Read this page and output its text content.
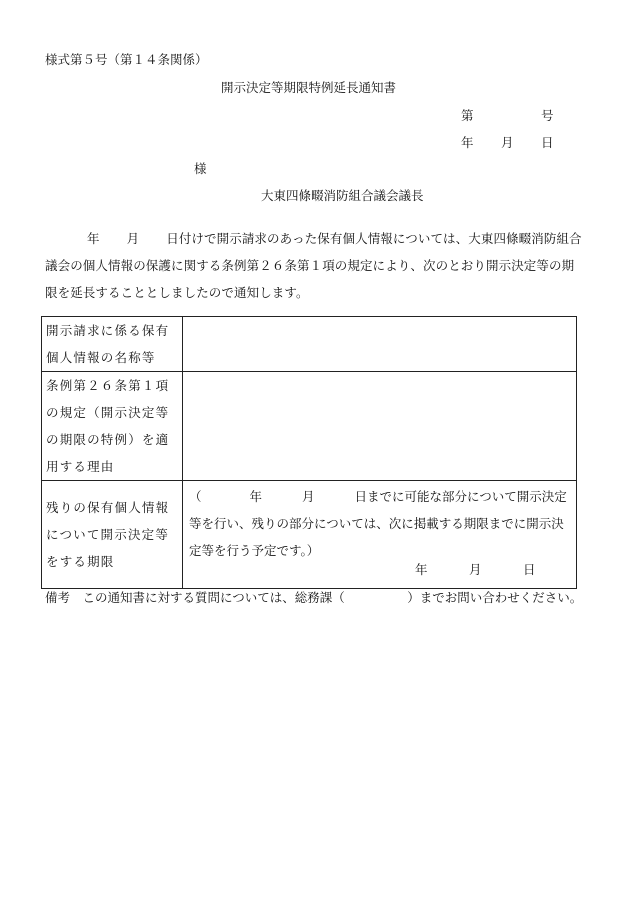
様式第５号（第１４条関係）
開示決定等期限特例延長通知書
第	号
年 月 日
様
大東四條畷消防組合議会議長
年 月 日付けで開示請求のあった保有個人情報については、大東四條畷消防組合議会の個人情報の保護に関する条例第２６条第１項の規定により、次のとおり開示決定等の期限を延長することとしましたので通知します。
開示請求に係る保有個人情報の名称等	
条例第２６条第１項の規定（開示決定等の期限の特例）を適用する理由	
残りの保有個人情報について開示決定等をする期限	（ 年 月 日までに可能な部分について開示決定等を行い、残りの部分については、次に掲載する期限までに開示決定等を行う予定です。）
年 月 日
備考　この通知書に対する質問については、総務課（　　　　　）までお問い合わせください。
